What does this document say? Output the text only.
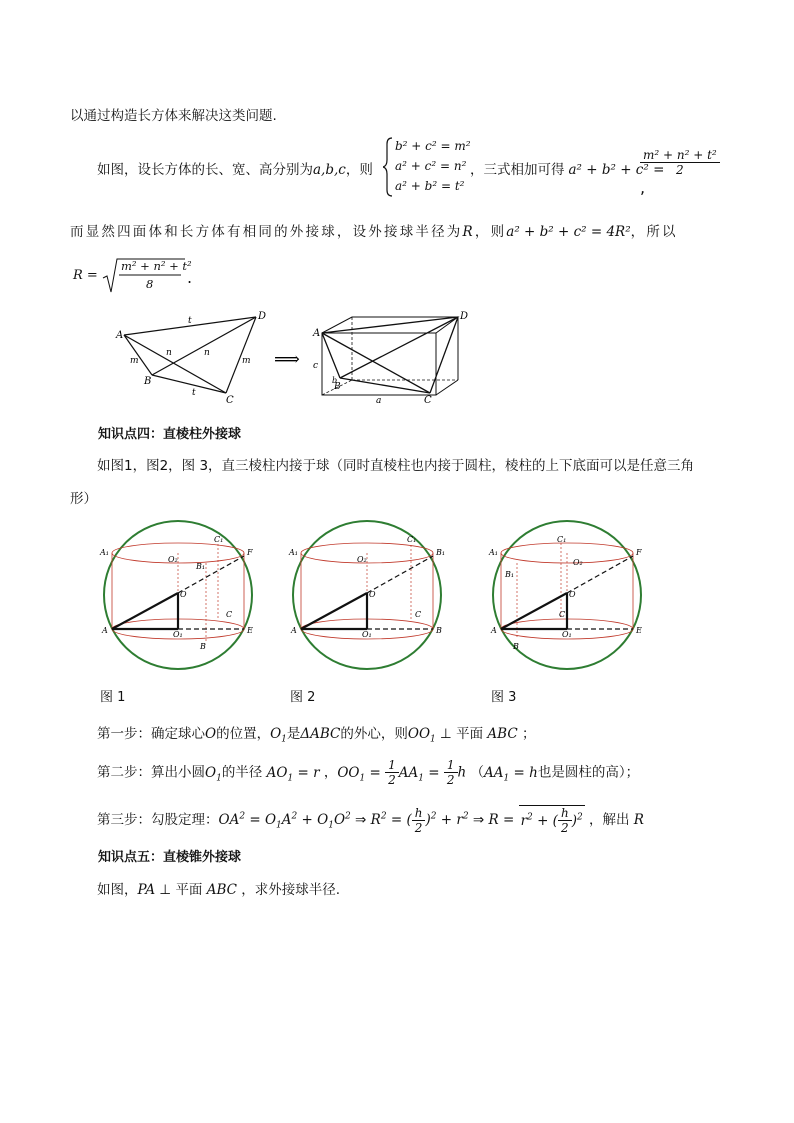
以通过构造长方体来解决这类问题.
如图，设长方体的长、宽、高分别为a,b,c，则
b² + c² = m²
a² + c² = n²
a² + b² = t²
，三式相加可得 a² + b² + c² =
$\frac{\text{m² + n² + t²}}{2}$
,
而显然四面体和长方体有相同的外接球，设外接球半径为R，则a² + b² + c² = 4R²，所以
R =
m² + n² + t²
8 .
A
D
B
C
t
n	n
m	m
t
⟹
A
D
B
C
a
b
c
知识点四：直棱柱外接球
如图1，图2，图 3，直三棱柱内接于球（同时直棱柱也内接于圆柱，棱柱的上下底面可以是任意三角
形）
A₁
A
O
O₁
O₂
C₁
B₁
C
B
F
E
A₁
A
O
O₁
O₂
C₁
B₁
C
B
A₁
A
O
O₁
O₂
C₁
B₁
C
B
F
E
图 1	图 2	图 3
第一步：确定球心O的位置，$O_1$是ΔABC的外心，则$OO_1$ ⊥ 平面 ABC ；
第二步：算出小圆$O_1$的半径 $AO_1 = r$ ，$OO_1 = \frac{1}{2} AA_1 = \frac{1}{2}$ h （$AA_1 = h$也是圆柱的高）；
第三步：勾股定理：$OA^2 = O_1A^2 + O_1O^2$ ⇒ $R^2$ = ( $\frac{h}{2} )^2 + r^2$ ⇒ $R = r^2$ + ( $\frac{h}{2} )^2$ ，解出 R
知识点五：直棱锥外接球
如图，PA ⊥ 平面 ABC ，求外接球半径.
